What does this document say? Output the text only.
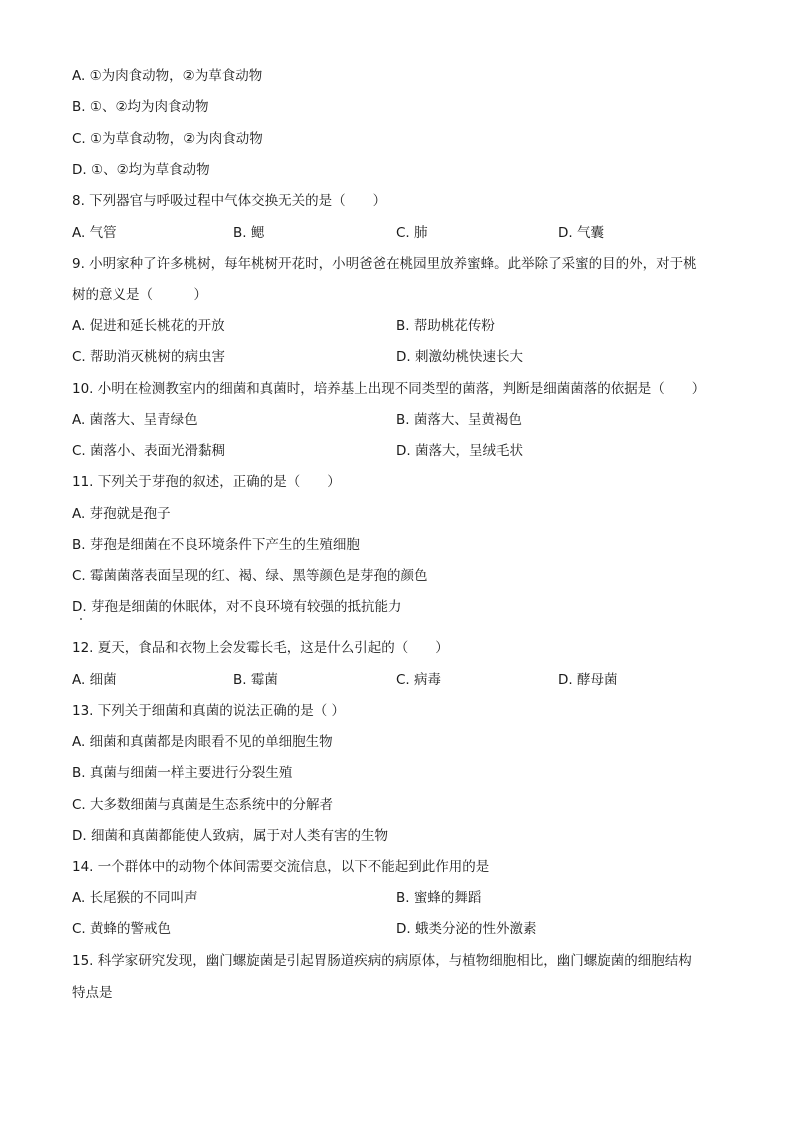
A. ①为肉食动物，②为草食动物
B. ①、②均为肉食动物
C. ①为草食动物，②为肉食动物
D. ①、②均为草食动物
8. 下列器官与呼吸过程中气体交换无关的是（　　）
A. 气管	B. 鳃	C. 肺	D. 气囊
9. 小明家种了许多桃树，每年桃树开花时，小明爸爸在桃园里放养蜜蜂。此举除了采蜜的目的外，对于桃
树的意义是（　　　）
A. 促进和延长桃花的开放	B. 帮助桃花传粉
C. 帮助消灭桃树的病虫害	D. 刺激幼桃快速长大
10. 小明在检测教室内的细菌和真菌时，培养基上出现不同类型的菌落，判断是细菌菌落的依据是（　　）
A. 菌落大、呈青绿色	B. 菌落大、呈黄褐色
C. 菌落小、表面光滑黏稠	D. 菌落大，呈绒毛状
11. 下列关于芽孢的叙述，正确的是（　　）
A. 芽孢就是孢子
B. 芽孢是细菌在不良环境条件下产生的生殖细胞
C. 霉菌菌落表面呈现的红、褐、绿、黑等颜色是芽孢的颜色
D. 芽孢是细菌的休眠体，对不良环境有较强的抵抗能力
12. 夏天，食品和衣物上会发霉长毛，这是什么引起的（　　）
A. 细菌	B. 霉菌	C. 病毒	D. 酵母菌
13. 下列关于细菌和真菌的说法正确的是（ ）
A. 细菌和真菌都是肉眼看不见的单细胞生物
B. 真菌与细菌一样主要进行分裂生殖
C. 大多数细菌与真菌是生态系统中的分解者
D. 细菌和真菌都能使人致病，属于对人类有害的生物
14. 一个群体中的动物个体间需要交流信息，以下不能起到此作用的是
A. 长尾猴的不同叫声	B. 蜜蜂的舞蹈
C. 黄蜂的警戒色	D. 蛾类分泌的性外激素
15. 科学家研究发现，幽门螺旋菌是引起胃肠道疾病的病原体，与植物细胞相比，幽门螺旋菌的细胞结构
特点是
